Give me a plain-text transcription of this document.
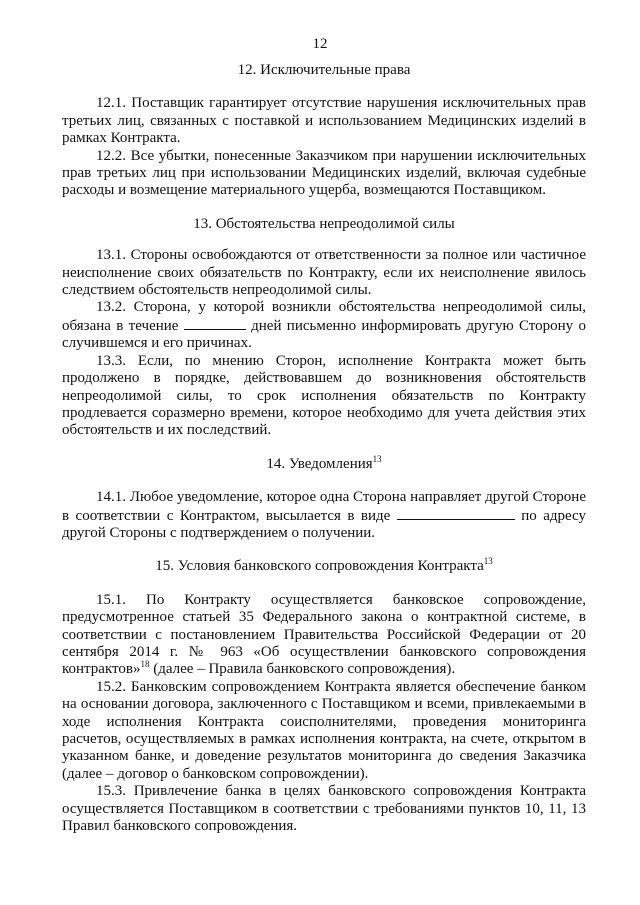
12

12. Исключительные права

12.1. Поставщик гарантирует отсутствие нарушения исключительных прав третьих лиц, связанных с поставкой и использованием Медицинских изделий в рамках Контракта.

12.2. Все убытки, понесенные Заказчиком при нарушении исключительных прав третьих лиц при использовании Медицинских изделий, включая судебные расходы и возмещение материального ущерба, возмещаются Поставщиком.

13. Обстоятельства непреодолимой силы

13.1. Стороны освобождаются от ответственности за полное или частичное неисполнение своих обязательств по Контракту, если их неисполнение явилось следствием обстоятельств непреодолимой силы.

13.2. Сторона, у которой возникли обстоятельства непреодолимой силы, обязана в течение	дней письменно информировать другую Сторону о случившемся и его причинах.

13.3. Если, по мнению Сторон, исполнение Контракта может быть продолжено в порядке, действовавшем до возникновения обстоятельств непреодолимой силы, то срок исполнения обязательств по Контракту продлевается соразмерно времени, которое необходимо для учета действия этих обстоятельств и их последствий.

14. Уведомления$^{13}$

14.1. Любое уведомление, которое одна Сторона направляет другой Стороне в соответствии с Контрактом, высылается в виде	по адресу другой Стороны с подтверждением о получении.

15. Условия банковского сопровождения Контракта$^{13}$

15.1. По Контракту осуществляется банковское сопровождение, предусмотренное статьей 35 Федерального закона о контрактной системе, в соответствии с постановлением Правительства Российской Федерации от 20 сентября 2014 г. № 963 «Об осуществлении банковского сопровождения контрактов»$^{18}$ (далее – Правила банковского сопровождения).

15.2. Банковским сопровождением Контракта является обеспечение банком на основании договора, заключенного с Поставщиком и всеми, привлекаемыми в ходе исполнения Контракта соисполнителями, проведения мониторинга расчетов, осуществляемых в рамках исполнения контракта, на счете, открытом в указанном банке, и доведение результатов мониторинга до сведения Заказчика (далее – договор о банковском сопровождении).

15.3. Привлечение банка в целях банковского сопровождения Контракта осуществляется Поставщиком в соответствии с требованиями пунктов 10, 11, 13 Правил банковского сопровождения.
